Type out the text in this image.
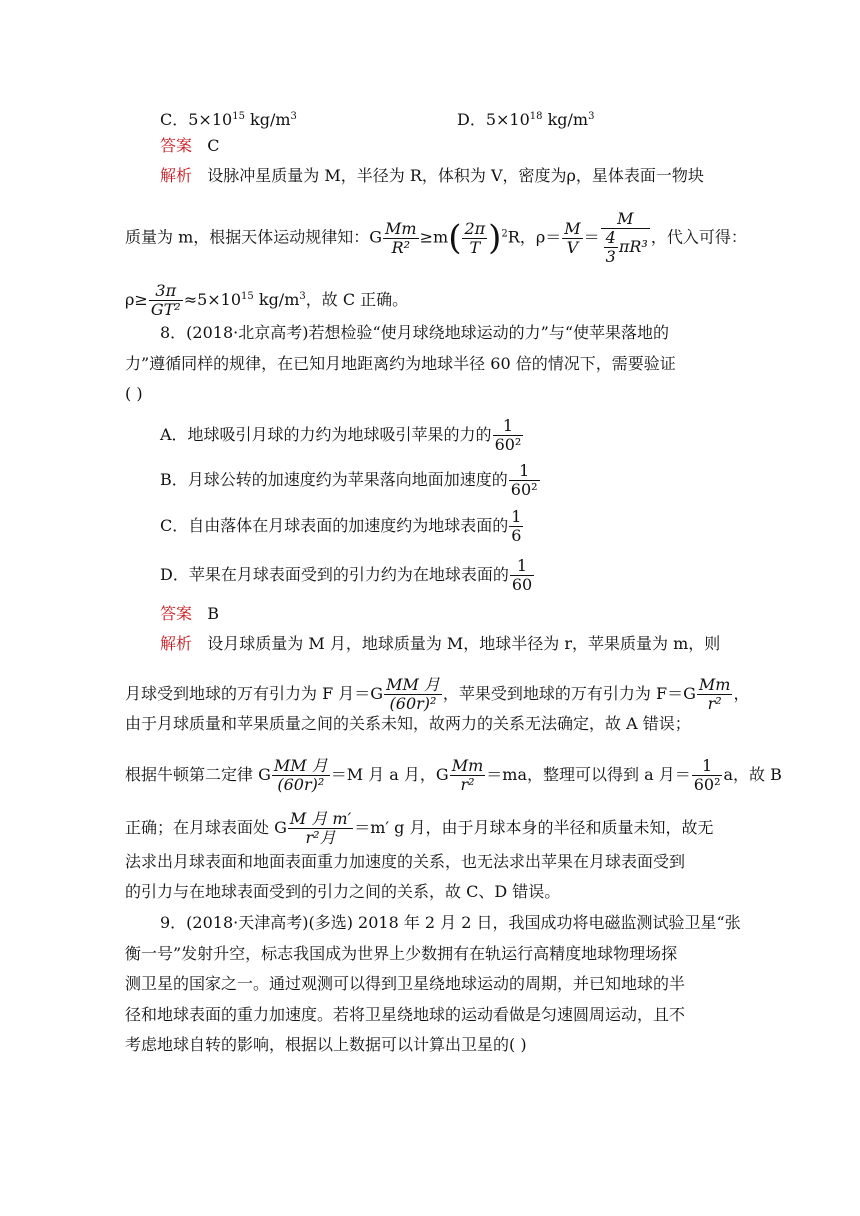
C．$5\times 10^{15}$ $kg/m^3$	D．$5\times 10^{18}$ $kg/m^3$
答案 C
解析 设脉冲星质量为 M，半径为 R，体积为 V，密度为ρ，星体表面一物块
质量为 m，根据天体运动规律知：G $\frac{Mm}{\text{R²}} \ge m( \frac{2\pi}{T} )^2R$，$\rho= \frac{M}{V} = \frac{M}{\frac{4}{3} \pi R^3}$ ，代入可得：
$\rho\ge \frac{3\pi}{\text{GT²}} \approx 5\times 10^{15}$ $kg/m^3$，故 C 正确。
8．(2018·北京高考)若想检验“使月球绕地球运动的力”与“使苹果落地的
力”遵循同样的规律，在已知月地距离约为地球半径 60 倍的情况下，需要验证
( )
A．地球吸引月球的力约为地球吸引苹果的力的 $\frac{1}{\text{60²}}$
B．月球公转的加速度约为苹果落向地面加速度的 $\frac{1}{\text{60²}}$
C．自由落体在月球表面的加速度约为地球表面的 $\frac{1}{6}$
D．苹果在月球表面受到的引力约为在地球表面的 $\frac{1}{60}$
答案 B
解析 设月球质量为 M 月，地球质量为 M，地球半径为 r，苹果质量为 m，则
月球受到地球的万有引力为 F 月$=G \frac{\text{MM 月}}{\text{(60r)²}}$ ，苹果受到地球的万有引力为 $F=G \frac{Mm}{\text{r²}}$ ，
由于月球质量和苹果质量之间的关系未知，故两力的关系无法确定，故 A 错误；
根据牛顿第二定律 G $\frac{\text{MM 月}}{\text{(60r)²}} =M$ 月 a 月，G $\frac{Mm}{\text{r²}} =ma$，整理可以得到 a 月＝ $\frac{1}{\text{60²}}$ a，故 B
正确；在月球表面处 G $\frac{\text{M 月 m′}}{\text{r²月}} =m'$ g 月，由于月球本身的半径和质量未知，故无
法求出月球表面和地面表面重力加速度的关系，也无法求出苹果在月球表面受到
的引力与在地球表面受到的引力之间的关系，故 C、D 错误。
9．(2018·天津高考)(多选) 2018 年 2 月 2 日，我国成功将电磁监测试验卫星“张
衡一号”发射升空，标志我国成为世界上少数拥有在轨运行高精度地球物理场探
测卫星的国家之一。通过观测可以得到卫星绕地球运动的周期，并已知地球的半
径和地球表面的重力加速度。若将卫星绕地球的运动看做是匀速圆周运动，且不
考虑地球自转的影响，根据以上数据可以计算出卫星的( )
